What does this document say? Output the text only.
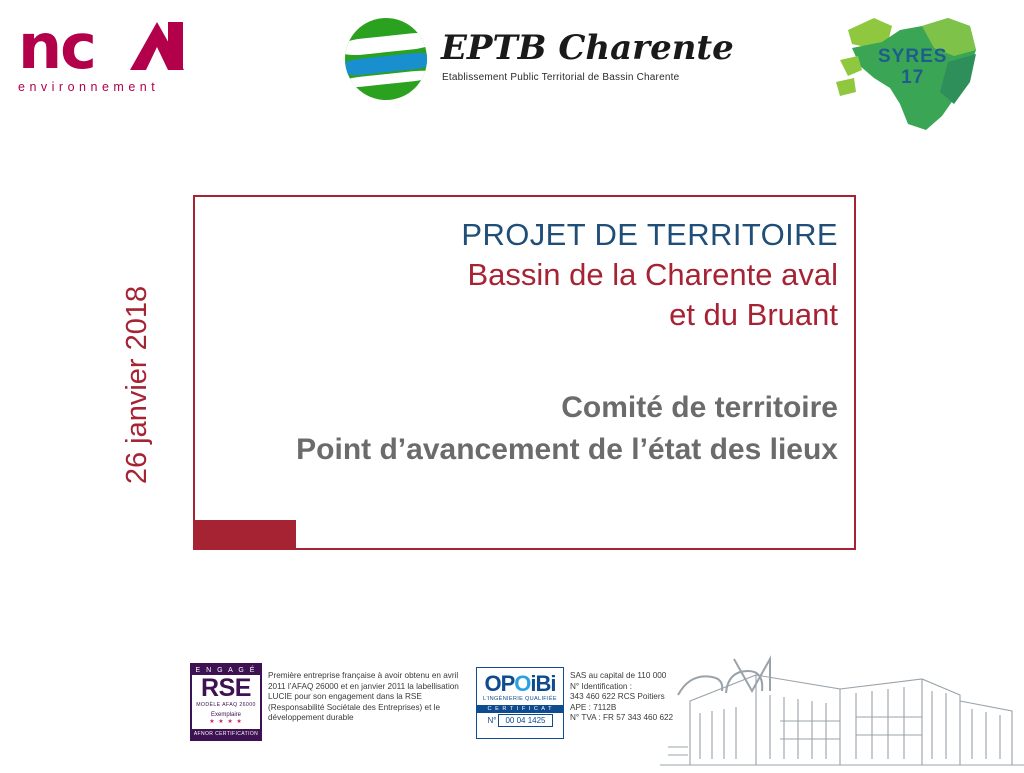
nc
environnement
EPTB Charente
Etablissement Public Territorial de Bassin Charente
SYRES
17
26 janvier 2018
PROJET DE TERRITOIRE
Bassin de la Charente aval
et du Bruant
Comité de territoire
Point d’avancement de l’état des lieux
E N G A G É
RSE
MODÈLE AFAQ 26000
Exemplaire
★ ★ ★ ★
AFNOR CERTIFICATION
Première entreprise française à avoir obtenu en avril 2011 l’AFAQ 26000 et en janvier 2011 la labellisation LUCIE pour son engagement dans la RSE (Responsabilité Sociétale des Entreprises) et le développement durable
OPOiBi
L'INGÉNIERIE QUALIFIÉE
C E R T I F I C A T
N° 00 04 1425
SAS au capital de 110 000
N° Identification :
343 460 622 RCS Poitiers
APE : 7112B
N° TVA : FR 57 343 460 622
